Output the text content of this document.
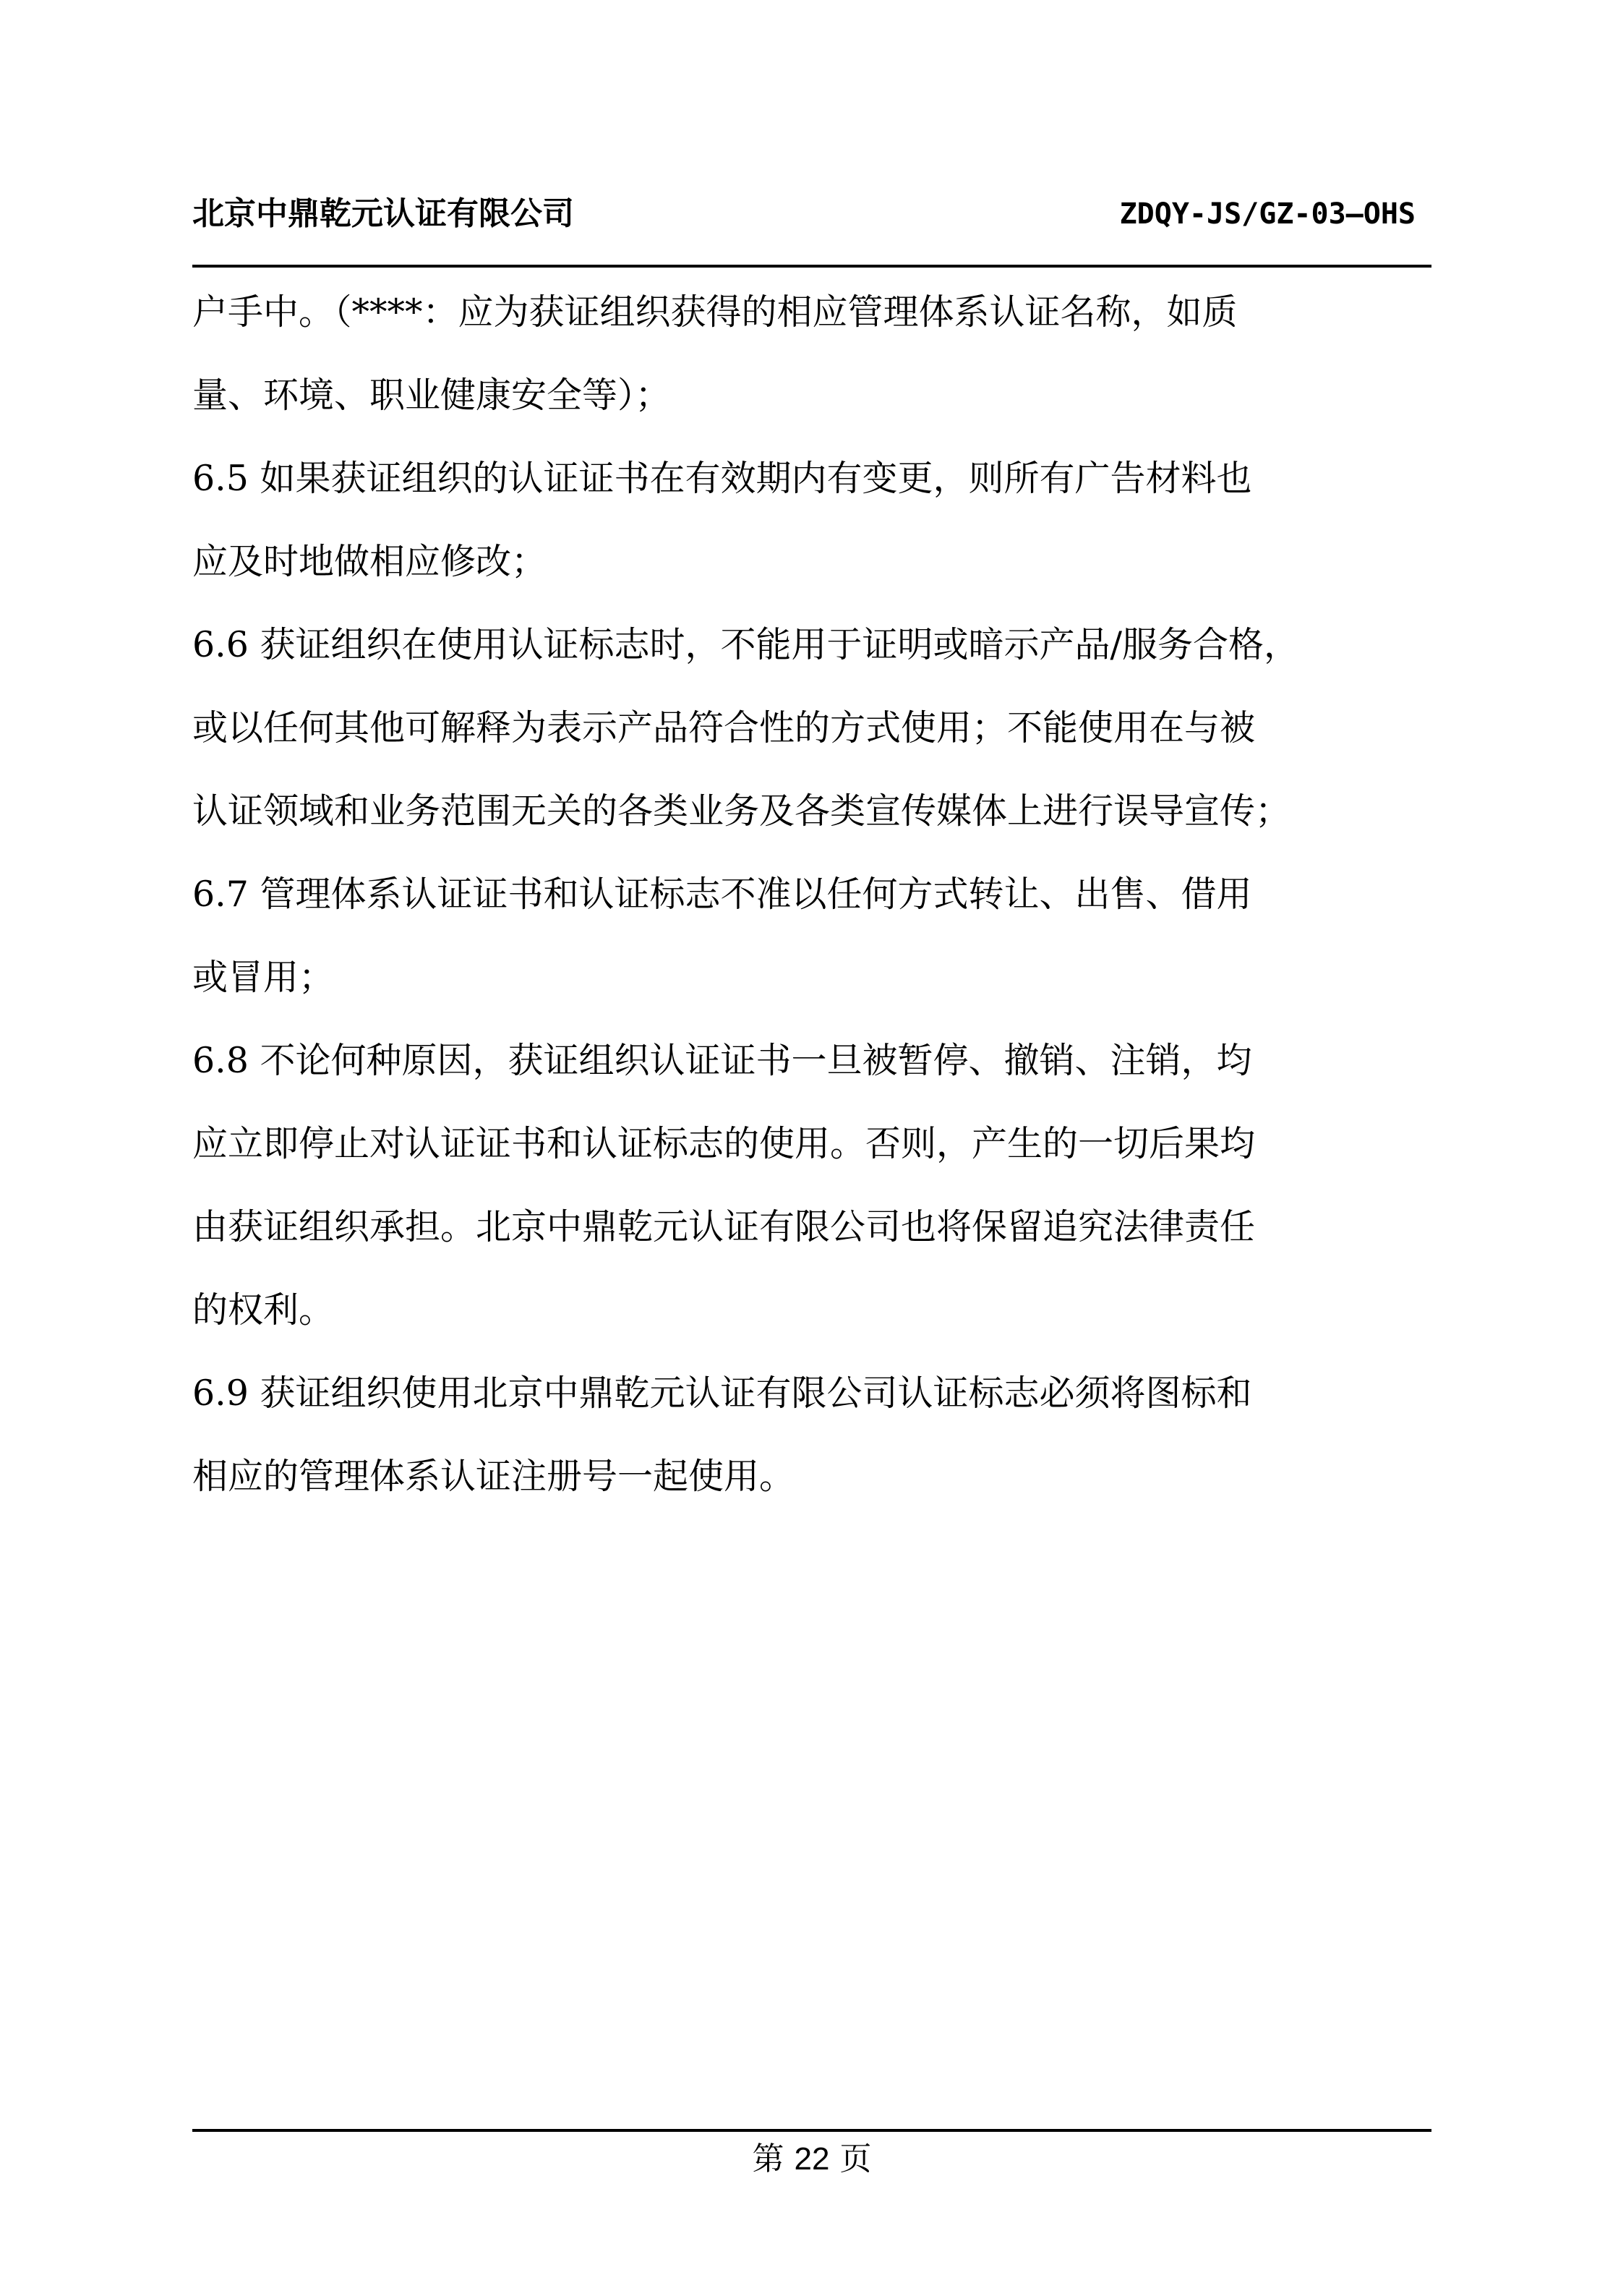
北京中鼎乾元认证有限公司	ZDQY-JS/GZ-03—OHS
户手中。（****：应为获证组织获得的相应管理体系认证名称，如质
量、环境、职业健康安全等）；
6.5 如果获证组织的认证证书在有效期内有变更，则所有广告材料也
应及时地做相应修改；
6.6 获证组织在使用认证标志时，不能用于证明或暗示产品/服务合格，
或以任何其他可解释为表示产品符合性的方式使用；不能使用在与被
认证领域和业务范围无关的各类业务及各类宣传媒体上进行误导宣传；
6.7 管理体系认证证书和认证标志不准以任何方式转让、出售、借用
或冒用；
6.8 不论何种原因，获证组织认证证书一旦被暂停、撤销、注销，均
应立即停止对认证证书和认证标志的使用。否则，产生的一切后果均
由获证组织承担。北京中鼎乾元认证有限公司也将保留追究法律责任
的权利。
6.9 获证组织使用北京中鼎乾元认证有限公司认证标志必须将图标和
相应的管理体系认证注册号一起使用。
第 22 页
